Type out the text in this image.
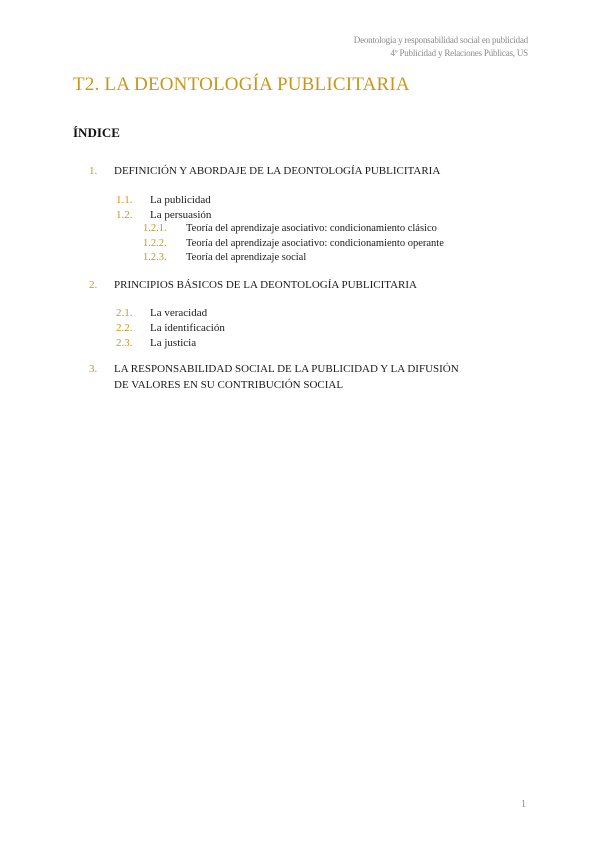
Deontología y responsabilidad social en publicidad
4º Publicidad y Relaciones Públicas, US
T2. LA DEONTOLOGÍA PUBLICITARIA
ÍNDICE
1. DEFINICIÓN Y ABORDAJE DE LA DEONTOLOGÍA PUBLICITARIA
1.1. La publicidad
1.2. La persuasión
1.2.1. Teoría del aprendizaje asociativo: condicionamiento clásico
1.2.2. Teoría del aprendizaje asociativo: condicionamiento operante
1.2.3. Teoría del aprendizaje social
2. PRINCIPIOS BÁSICOS DE LA DEONTOLOGÍA PUBLICITARIA
2.1. La veracidad
2.2. La identificación
2.3. La justicia
3. LA RESPONSABILIDAD SOCIAL DE LA PUBLICIDAD Y LA DIFUSIÓN DE VALORES EN SU CONTRIBUCIÓN SOCIAL
1
